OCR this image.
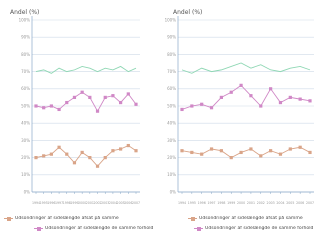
0%
10%
20%
30%
40%
50%
60%
70%
80%
90%
100%
1994 1995 1996 1997 1998 1999 2000 2001 2002 2003 2004 2005 2006 2007
Andel (%)
Udsondringer af sidelængde afsat på samme
Udsondringer af sidelængde de samme forhold
0%
10%
20%
30%
40%
50%
60%
70%
80%
90%
100%
1994 1995 1996 1997 1998 1999 2000 2001 2002 2003 2004 2005 2006 2007
Andel (%)
Udsondringer af sidelængde afsat på samme
Udsondringer af sidelængde de samme forhold
